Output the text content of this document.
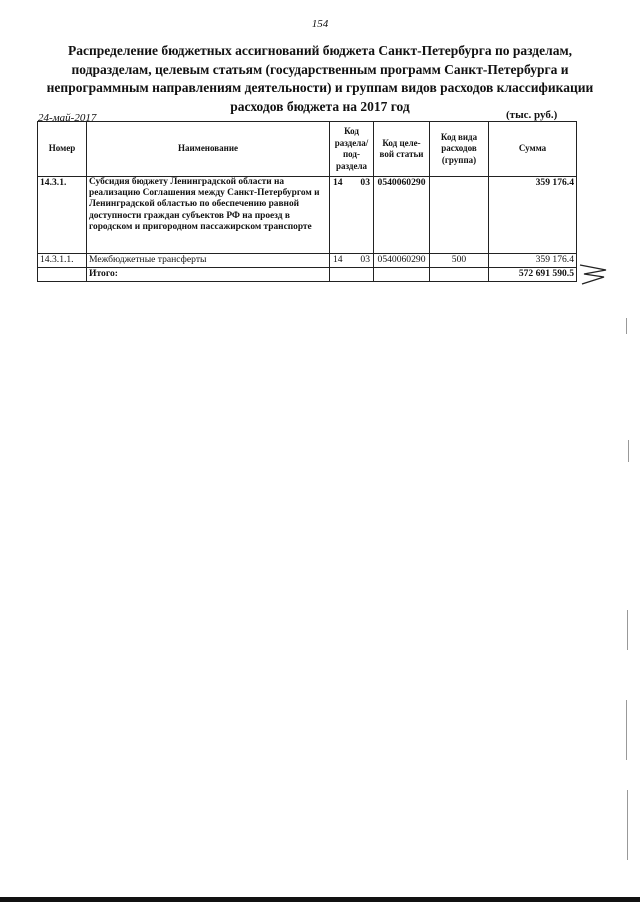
154
Распределение бюджетных ассигнований бюджета Санкт-Петербурга по разделам, подразделам, целевым статьям (государственным программ Санкт-Петербурга и непрограммным направлениям деятельности) и группам видов расходов классификации расходов бюджета на 2017 год
24-май-2017	(тыс. руб.)
Номер	Наименование	Код раздела/ под- раздела	Код целе- вой статьи	Код вида расходов (группа)	Сумма
14.3.1.	Субсидия бюджету Ленинградской области на реализацию Соглашения между Санкт-Петербургом и Ленинградской областью по обеспечению равной доступности граждан субъектов РФ на проезд в городском и пригородном пассажирском транспорте	14 03	0540060290		359 176.4
14.3.1.1.	Межбюджетные трансферты	14 03	0540060290	500	359 176.4
	Итого:				572 691 590.5
